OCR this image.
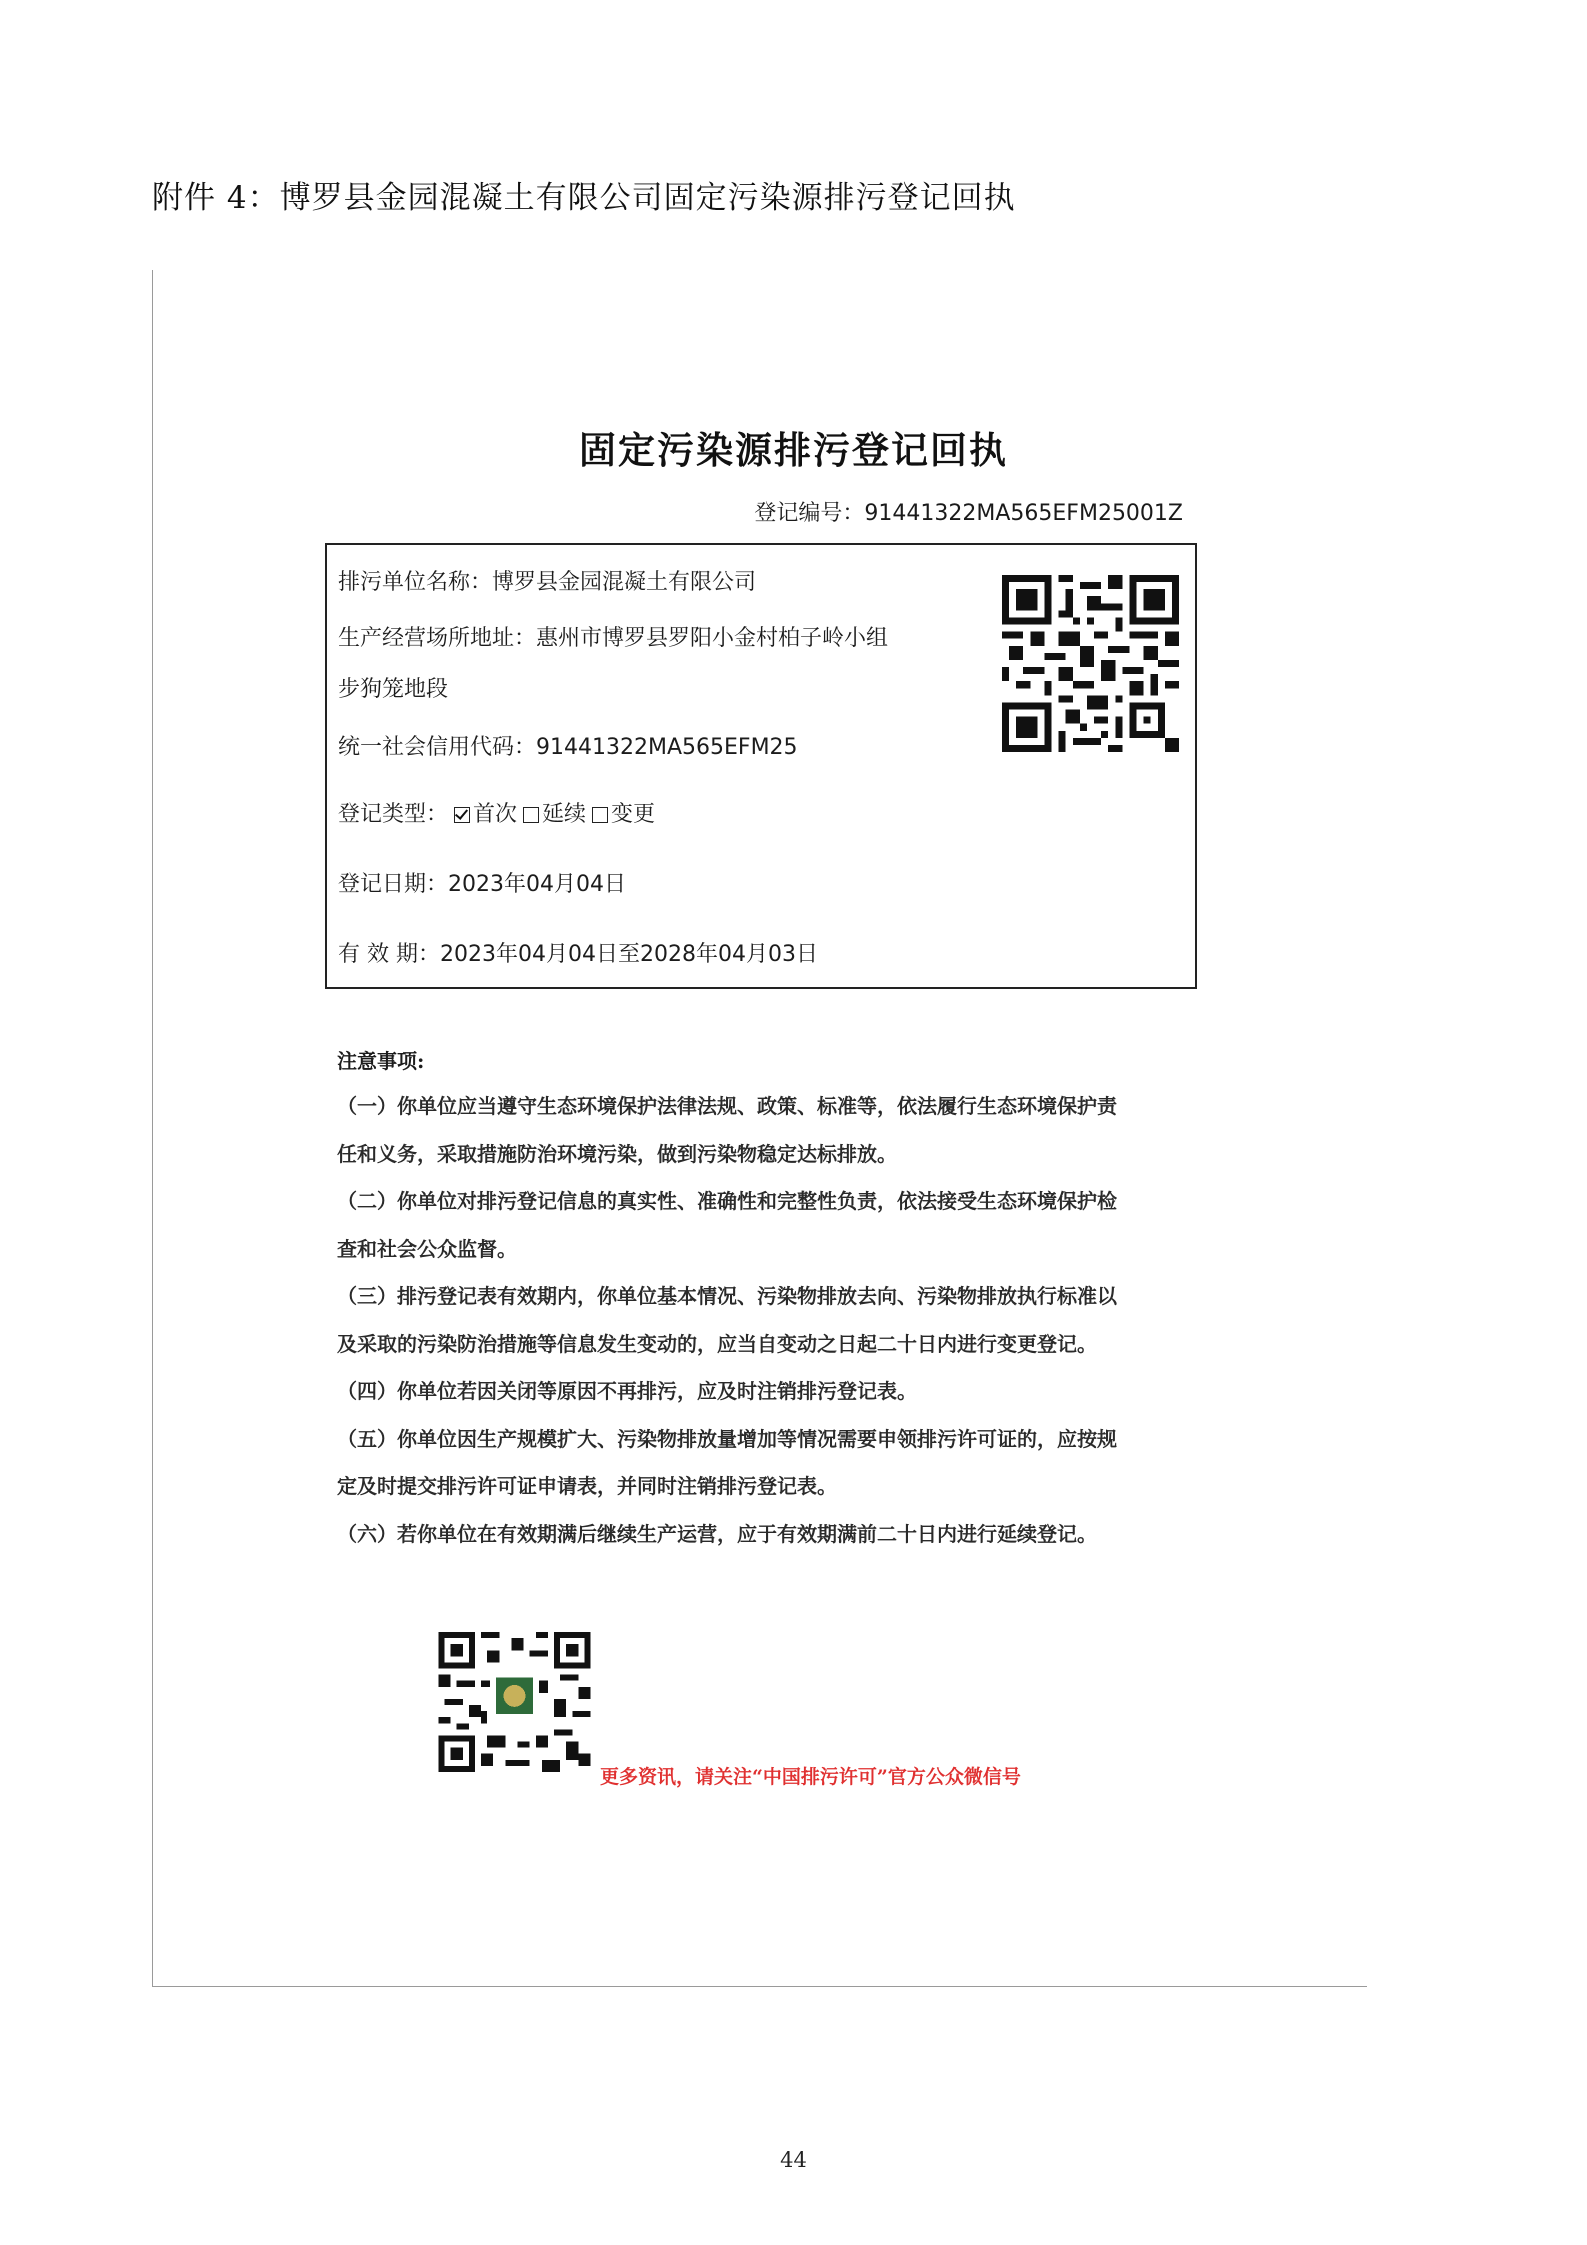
附件 4：博罗县金园混凝土有限公司固定污染源排污登记回执
固定污染源排污登记回执
登记编号：91441322MA565EFM25001Z
排污单位名称：博罗县金园混凝土有限公司
生产经营场所地址：惠州市博罗县罗阳小金村柏子岭小组
步狗笼地段
统一社会信用代码：91441322MA565EFM25
登记类型： 首次 延续 变更
登记日期：2023年04月04日
有 效 期：2023年04月04日至2028年04月03日
注意事项:
（一）你单位应当遵守生态环境保护法律法规、政策、标准等，依法履行生态环境保护责
任和义务，采取措施防治环境污染，做到污染物稳定达标排放。
（二）你单位对排污登记信息的真实性、准确性和完整性负责，依法接受生态环境保护检
查和社会公众监督。
（三）排污登记表有效期内，你单位基本情况、污染物排放去向、污染物排放执行标准以
及采取的污染防治措施等信息发生变动的，应当自变动之日起二十日内进行变更登记。
（四）你单位若因关闭等原因不再排污，应及时注销排污登记表。
（五）你单位因生产规模扩大、污染物排放量增加等情况需要申领排污许可证的，应按规
定及时提交排污许可证申请表，并同时注销排污登记表。
（六）若你单位在有效期满后继续生产运营，应于有效期满前二十日内进行延续登记。
更多资讯，请关注“中国排污许可”官方公众微信号
44
